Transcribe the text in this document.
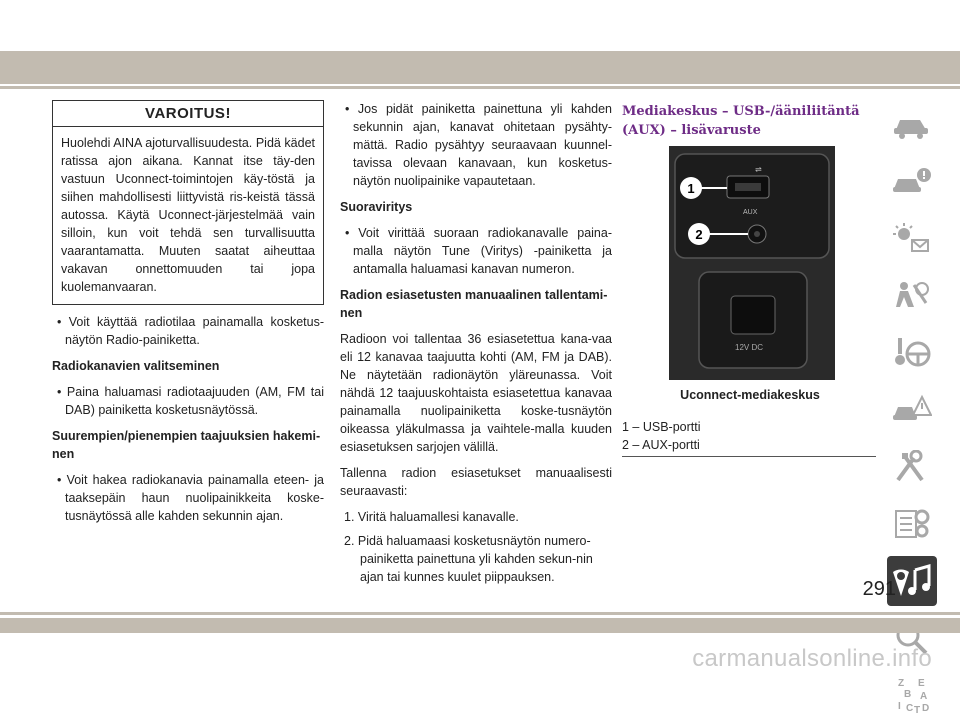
VAROITUS!
Huolehdi AINA ajoturvallisuudesta. Pidä kädet ratissa ajon aikana. Kannat itse täy-den vastuun Uconnect-toimintojen käy-töstä ja siihen mahdollisesti liittyvistä ris-keistä tässä autossa. Käytä Uconnect-järjestelmää vain silloin, kun voit tehdä sen turvallisuutta vaarantamatta. Muuten saatat aiheuttaa vakavan onnettomuuden tai jopa kuolemanvaaran.

• Voit käyttää radiotilaa painamalla kosketus-näytön Radio-painiketta.

Radiokanavien valitseminen

• Paina haluamasi radiotaajuuden (AM, FM tai DAB) painiketta kosketusnäytössä.

Suurempien/pienempien taajuuksien hakemi-nen

• Voit hakea radiokanavia painamalla eteen- ja taaksepäin haun nuolipainikkeita koske-tusnäytössä alle kahden sekunnin ajan.

• Jos pidät painiketta painettuna yli kahden sekunnin ajan, kanavat ohitetaan pysähty-mättä. Radio pysähtyy seuraavaan kuunnel-tavissa olevaan kanavaan, kun kosketus-näytön nuolipainike vapautetaan.

Suoraviritys

• Voit virittää suoraan radiokanavalle paina-malla näytön Tune (Viritys) -painiketta ja antamalla haluamasi kanavan numeron.

Radion esiasetusten manuaalinen tallentami-nen

Radioon voi tallentaa 36 esiasetettua kana-vaa eli 12 kanavaa taajuutta kohti (AM, FM ja DAB). Ne näytetään radionäytön yläreunassa. Voit nähdä 12 taajuuskohtaista esiasetettua kanavaa painamalla nuolipainiketta koske-tusnäytön oikeassa yläkulmassa ja vaihtele-malla kuuden esiasetuksen sarjojen välillä.

Tallenna radion esiasetukset manuaalisesti seuraavasti:

1. Viritä haluamallesi kanavalle.

2. Pidä haluamaasi kosketusnäytön numero-painiketta painettuna yli kahden sekun-nin ajan tai kunnes kuulet piippauksen.

Mediakeskus – USB-/ääniliitäntä (AUX) – lisävaruste
⇌
AUX
12V DC
1
2
Uconnect-mediakeskus
1 – USB-portti
2 – AUX-portti
Z E
B A
I C T D
291
carmanualsonline.info
